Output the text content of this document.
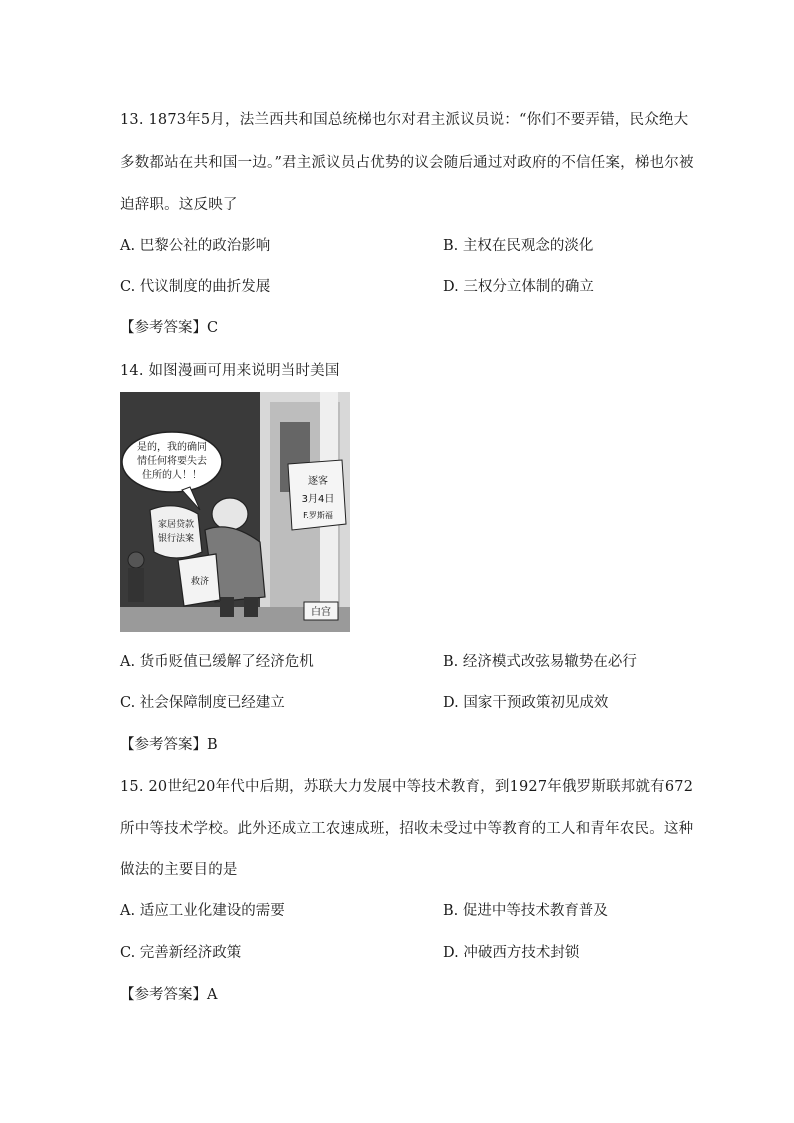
13. 1873年5月，法兰西共和国总统梯也尔对君主派议员说：“你们不要弄错，民众绝大
多数都站在共和国一边。”君主派议员占优势的议会随后通过对政府的不信任案，梯也尔被
迫辞职。这反映了
A. 巴黎公社的政治影响	B. 主权在民观念的淡化
C. 代议制度的曲折发展	D. 三权分立体制的确立
【参考答案】C
14. 如图漫画可用来说明当时美国
是的，我的确同
情任何将要失去
住所的人！！
逐客
3月4日
F.罗斯福
家居贷款
银行法案
救济
白宫
A. 货币贬值已缓解了经济危机	B. 经济模式改弦易辙势在必行
C. 社会保障制度已经建立	D. 国家干预政策初见成效
【参考答案】B
15. 20世纪20年代中后期，苏联大力发展中等技术教育，到1927年俄罗斯联邦就有672
所中等技术学校。此外还成立工农速成班，招收未受过中等教育的工人和青年农民。这种
做法的主要目的是
A. 适应工业化建设的需要	B. 促进中等技术教育普及
C. 完善新经济政策	D. 冲破西方技术封锁
【参考答案】A
